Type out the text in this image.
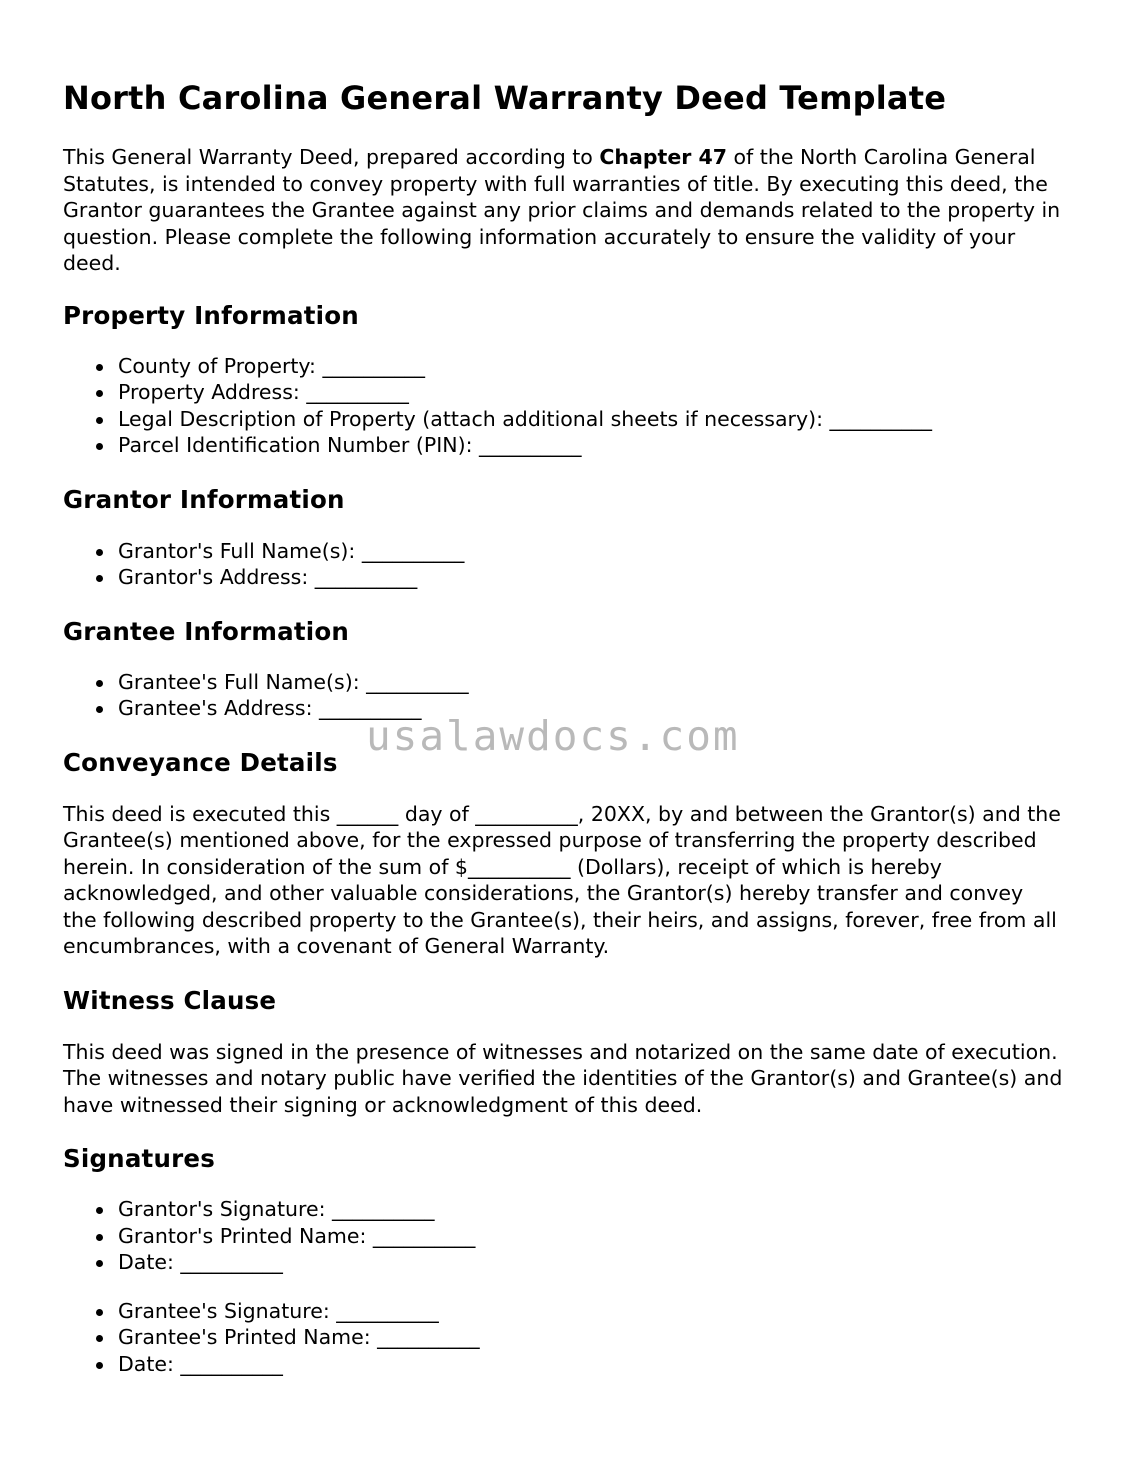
North Carolina General Warranty Deed Template

This General Warranty Deed, prepared according to Chapter 47 of the North Carolina General Statutes, is intended to convey property with full warranties of title. By executing this deed, the Grantor guarantees the Grantee against any prior claims and demands related to the property in question. Please complete the following information accurately to ensure the validity of your deed.

Property Information
County of Property: __________
Property Address: __________
Legal Description of Property (attach additional sheets if necessary): __________
Parcel Identification Number (PIN): __________
Grantor Information
Grantor's Full Name(s): __________
Grantor's Address: __________
Grantee Information
Grantee's Full Name(s): __________
Grantee's Address: __________
Conveyance Details

This deed is executed this ______ day of __________, 20XX, by and between the Grantor(s) and the Grantee(s) mentioned above, for the expressed purpose of transferring the property described herein. In consideration of the sum of $__________ (Dollars), receipt of which is hereby acknowledged, and other valuable considerations, the Grantor(s) hereby transfer and convey the following described property to the Grantee(s), their heirs, and assigns, forever, free from all encumbrances, with a covenant of General Warranty.

Witness Clause

This deed was signed in the presence of witnesses and notarized on the same date of execution. The witnesses and notary public have verified the identities of the Grantor(s) and Grantee(s) and have witnessed their signing or acknowledgment of this deed.

Signatures
Grantor's Signature: __________
Grantor's Printed Name: __________
Date: __________
Grantee's Signature: __________
Grantee's Printed Name: __________
Date: __________
usalawdocs.com
